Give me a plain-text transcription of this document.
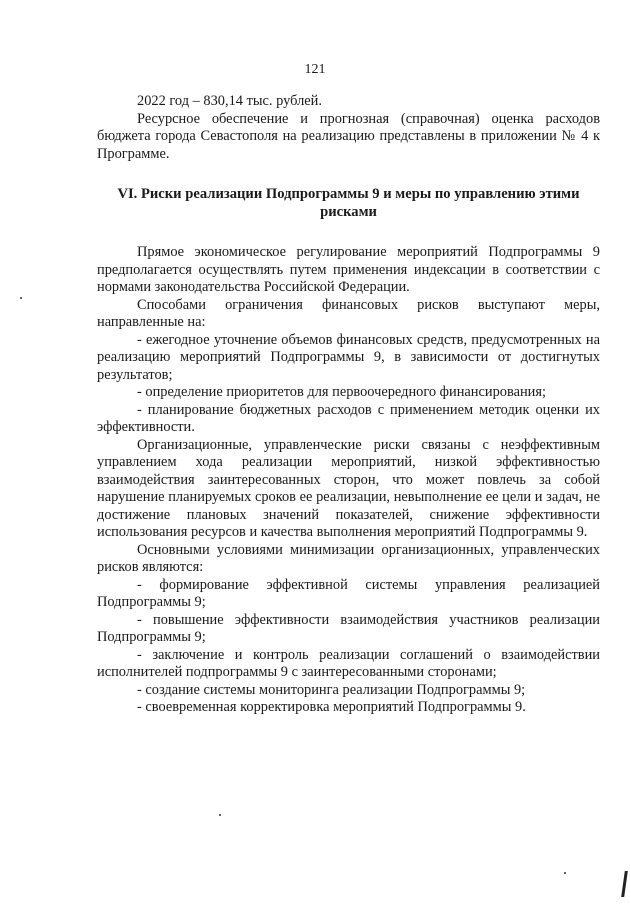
121

2022 год – 830,14 тыс. рублей.

Ресурсное обеспечение и прогнозная (справочная) оценка расходов бюджета города Севастополя на реализацию представлены в приложении № 4 к Программе.

VI. Риски реализации Подпрограммы 9 и меры по управлению этими рисками

Прямое экономическое регулирование мероприятий Подпрограммы 9 предполагается осуществлять путем применения индексации в соответствии с нормами законодательства Российской Федерации.

Способами ограничения финансовых рисков выступают меры, направленные на:

- ежегодное уточнение объемов финансовых средств, предусмотренных на реализацию мероприятий Подпрограммы 9, в зависимости от достигнутых результатов;

- определение приоритетов для первоочередного финансирования;

- планирование бюджетных расходов с применением методик оценки их эффективности.

Организационные, управленческие риски связаны с неэффективным управлением хода реализации мероприятий, низкой эффективностью взаимодействия заинтересованных сторон, что может повлечь за собой нарушение планируемых сроков ее реализации, невыполнение ее цели и задач, не достижение плановых значений показателей, снижение эффективности использования ресурсов и качества выполнения мероприятий Подпрограммы 9.

Основными условиями минимизации организационных, управленческих рисков являются:

- формирование эффективной системы управления реализацией Подпрограммы 9;

- повышение эффективности взаимодействия участников реализации Подпрограммы 9;

- заключение и контроль реализации соглашений о взаимодействии исполнителей подпрограммы 9 с заинтересованными сторонами;

- создание системы мониторинга реализации Подпрограммы 9;

- своевременная корректировка мероприятий Подпрограммы 9.
